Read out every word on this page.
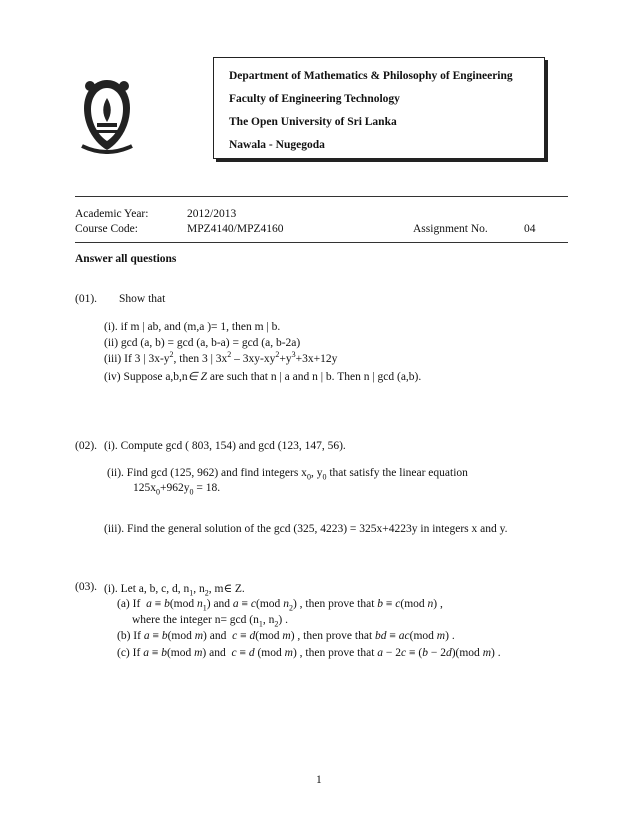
Department of Mathematics & Philosophy of Engineering
Faculty of Engineering Technology
The Open University of Sri Lanka
Nawala - Nugegoda
Academic Year:	2012/2013
Course Code:	MPZ4140/MPZ4160	Assignment No.	04
Answer all questions
(01). Show that
(i). if m | ab, and (m,a )= 1, then m | b.
(ii) gcd (a, b) = gcd (a, b-a) = gcd (a, b-2a)
(iii) If 3 | $3x-y^2$, then 3 | $3x^2 - 3xy-xy^2+y^3+3x+12y$
(iv) Suppose a,b,n∈ Z are such that n | a and n | b. Then n | gcd (a,b).
(02). (i). Compute gcd ( 803, 154) and gcd (123, 147, 56).
(ii). Find gcd (125, 962) and find integers $x_0$, $y_0$ that satisfy the linear equation
$125x_0+962y_0 = 18$.
(iii). Find the general solution of the gcd (325, 4223) = 325x+4223y in integers x and y.
(03). (i). Let a, b, c, d, $n_1$, $n_2$, m∈ Z.
(a) If a ≡ b(mod $n_1$) and a ≡ c(mod $n_2$) , then prove that b ≡ c(mod n) ,
where the integer $n= \gcd (n_1$, $n_2$) .
(b) If a ≡ b(mod m) and c ≡ d(mod m) , then prove that bd ≡ ac(mod m) .
(c) If a ≡ b(mod m) and c ≡ d (mod m) , then prove that a − 2c ≡ (b − 2d)(mod m) .
1
